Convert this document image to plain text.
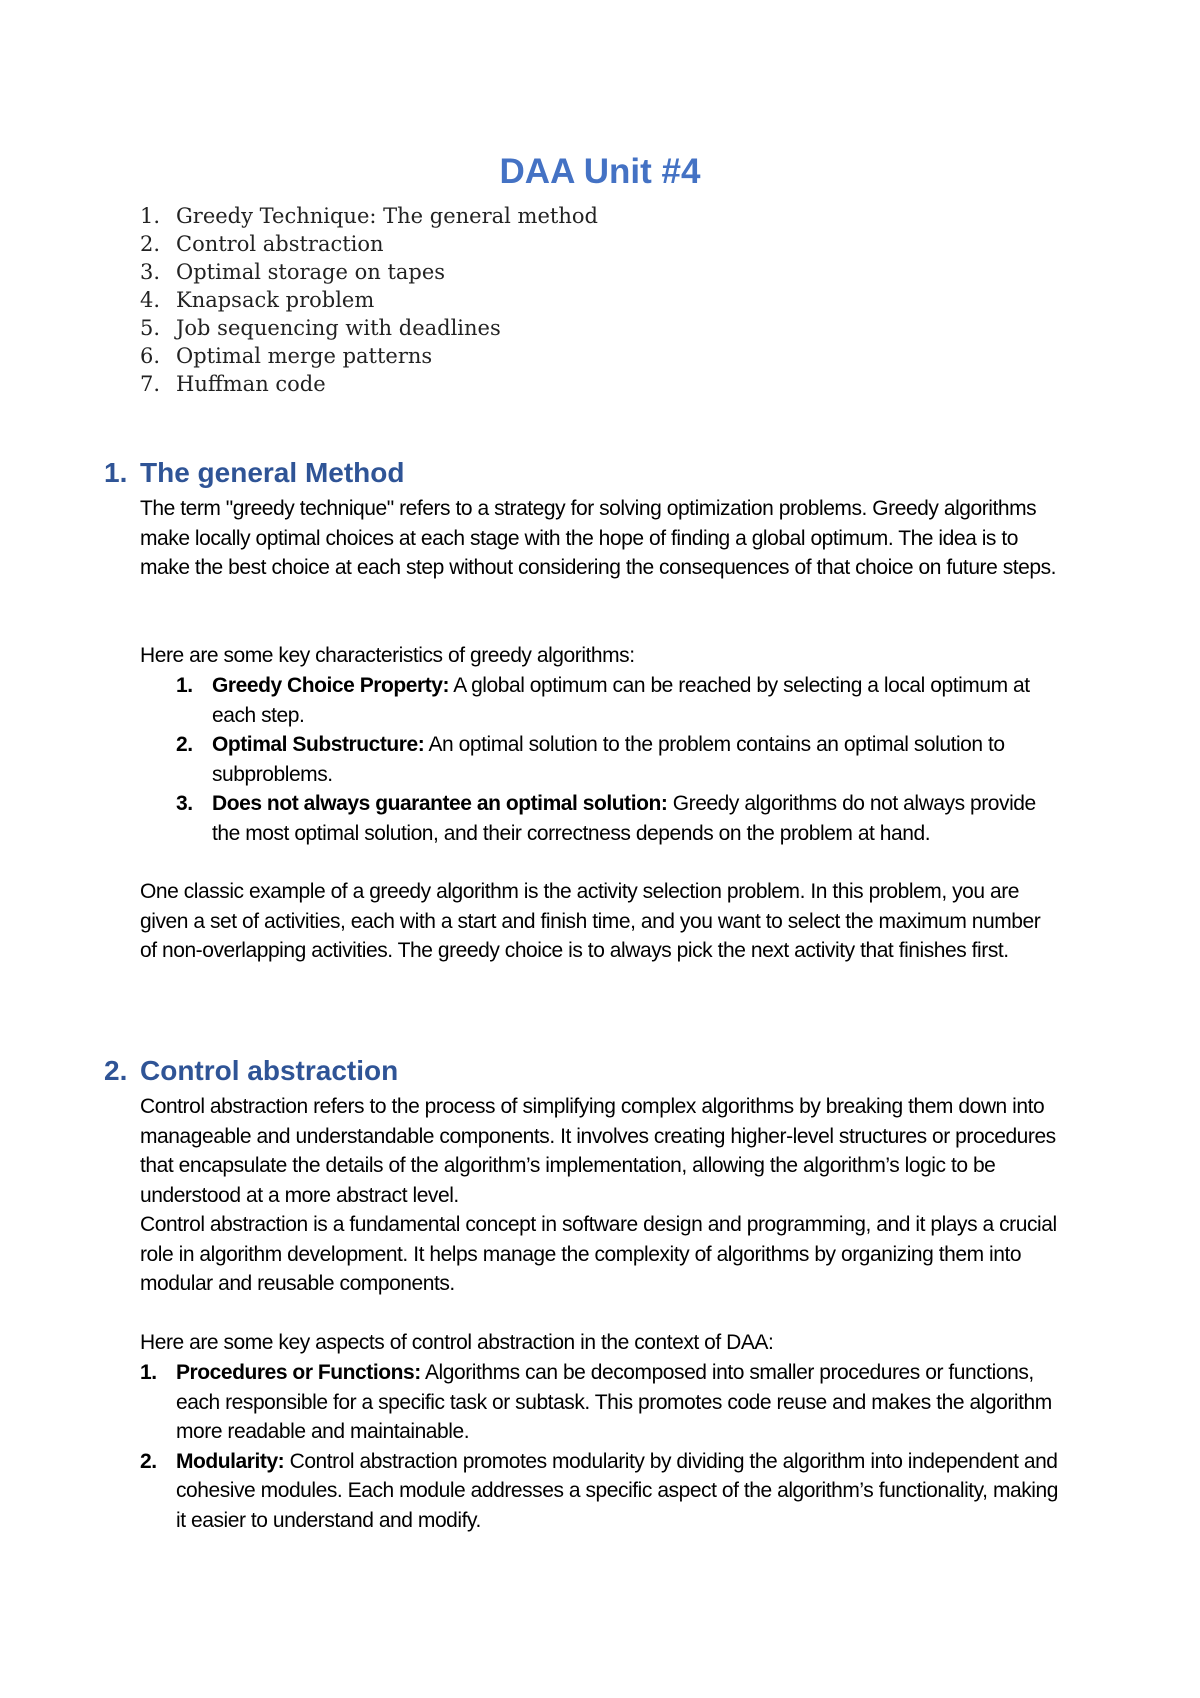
DAA Unit #4
1. Greedy Technique: The general method
2. Control abstraction
3. Optimal storage on tapes
4. Knapsack problem
5. Job sequencing with deadlines
6. Optimal merge patterns
7. Huffman code
1. The general Method

The term "greedy technique" refers to a strategy for solving optimization problems. Greedy algorithms make locally optimal choices at each stage with the hope of finding a global optimum. The idea is to make the best choice at each step without considering the consequences of that choice on future steps.

Here are some key characteristics of greedy algorithms:

1. Greedy Choice Property: A global optimum can be reached by selecting a local optimum at each step.
2. Optimal Substructure: An optimal solution to the problem contains an optimal solution to subproblems.
3. Does not always guarantee an optimal solution: Greedy algorithms do not always provide the most optimal solution, and their correctness depends on the problem at hand.

One classic example of a greedy algorithm is the activity selection problem. In this problem, you are given a set of activities, each with a start and finish time, and you want to select the maximum number of non-overlapping activities. The greedy choice is to always pick the next activity that finishes first.

2. Control abstraction

Control abstraction refers to the process of simplifying complex algorithms by breaking them down into manageable and understandable components. It involves creating higher-level structures or procedures that encapsulate the details of the algorithm’s implementation, allowing the algorithm’s logic to be understood at a more abstract level.

Control abstraction is a fundamental concept in software design and programming, and it plays a crucial role in algorithm development. It helps manage the complexity of algorithms by organizing them into modular and reusable components.

Here are some key aspects of control abstraction in the context of DAA:

1. Procedures or Functions: Algorithms can be decomposed into smaller procedures or functions, each responsible for a specific task or subtask. This promotes code reuse and makes the algorithm more readable and maintainable.
2. Modularity: Control abstraction promotes modularity by dividing the algorithm into independent and cohesive modules. Each module addresses a specific aspect of the algorithm’s functionality, making it easier to understand and modify.
